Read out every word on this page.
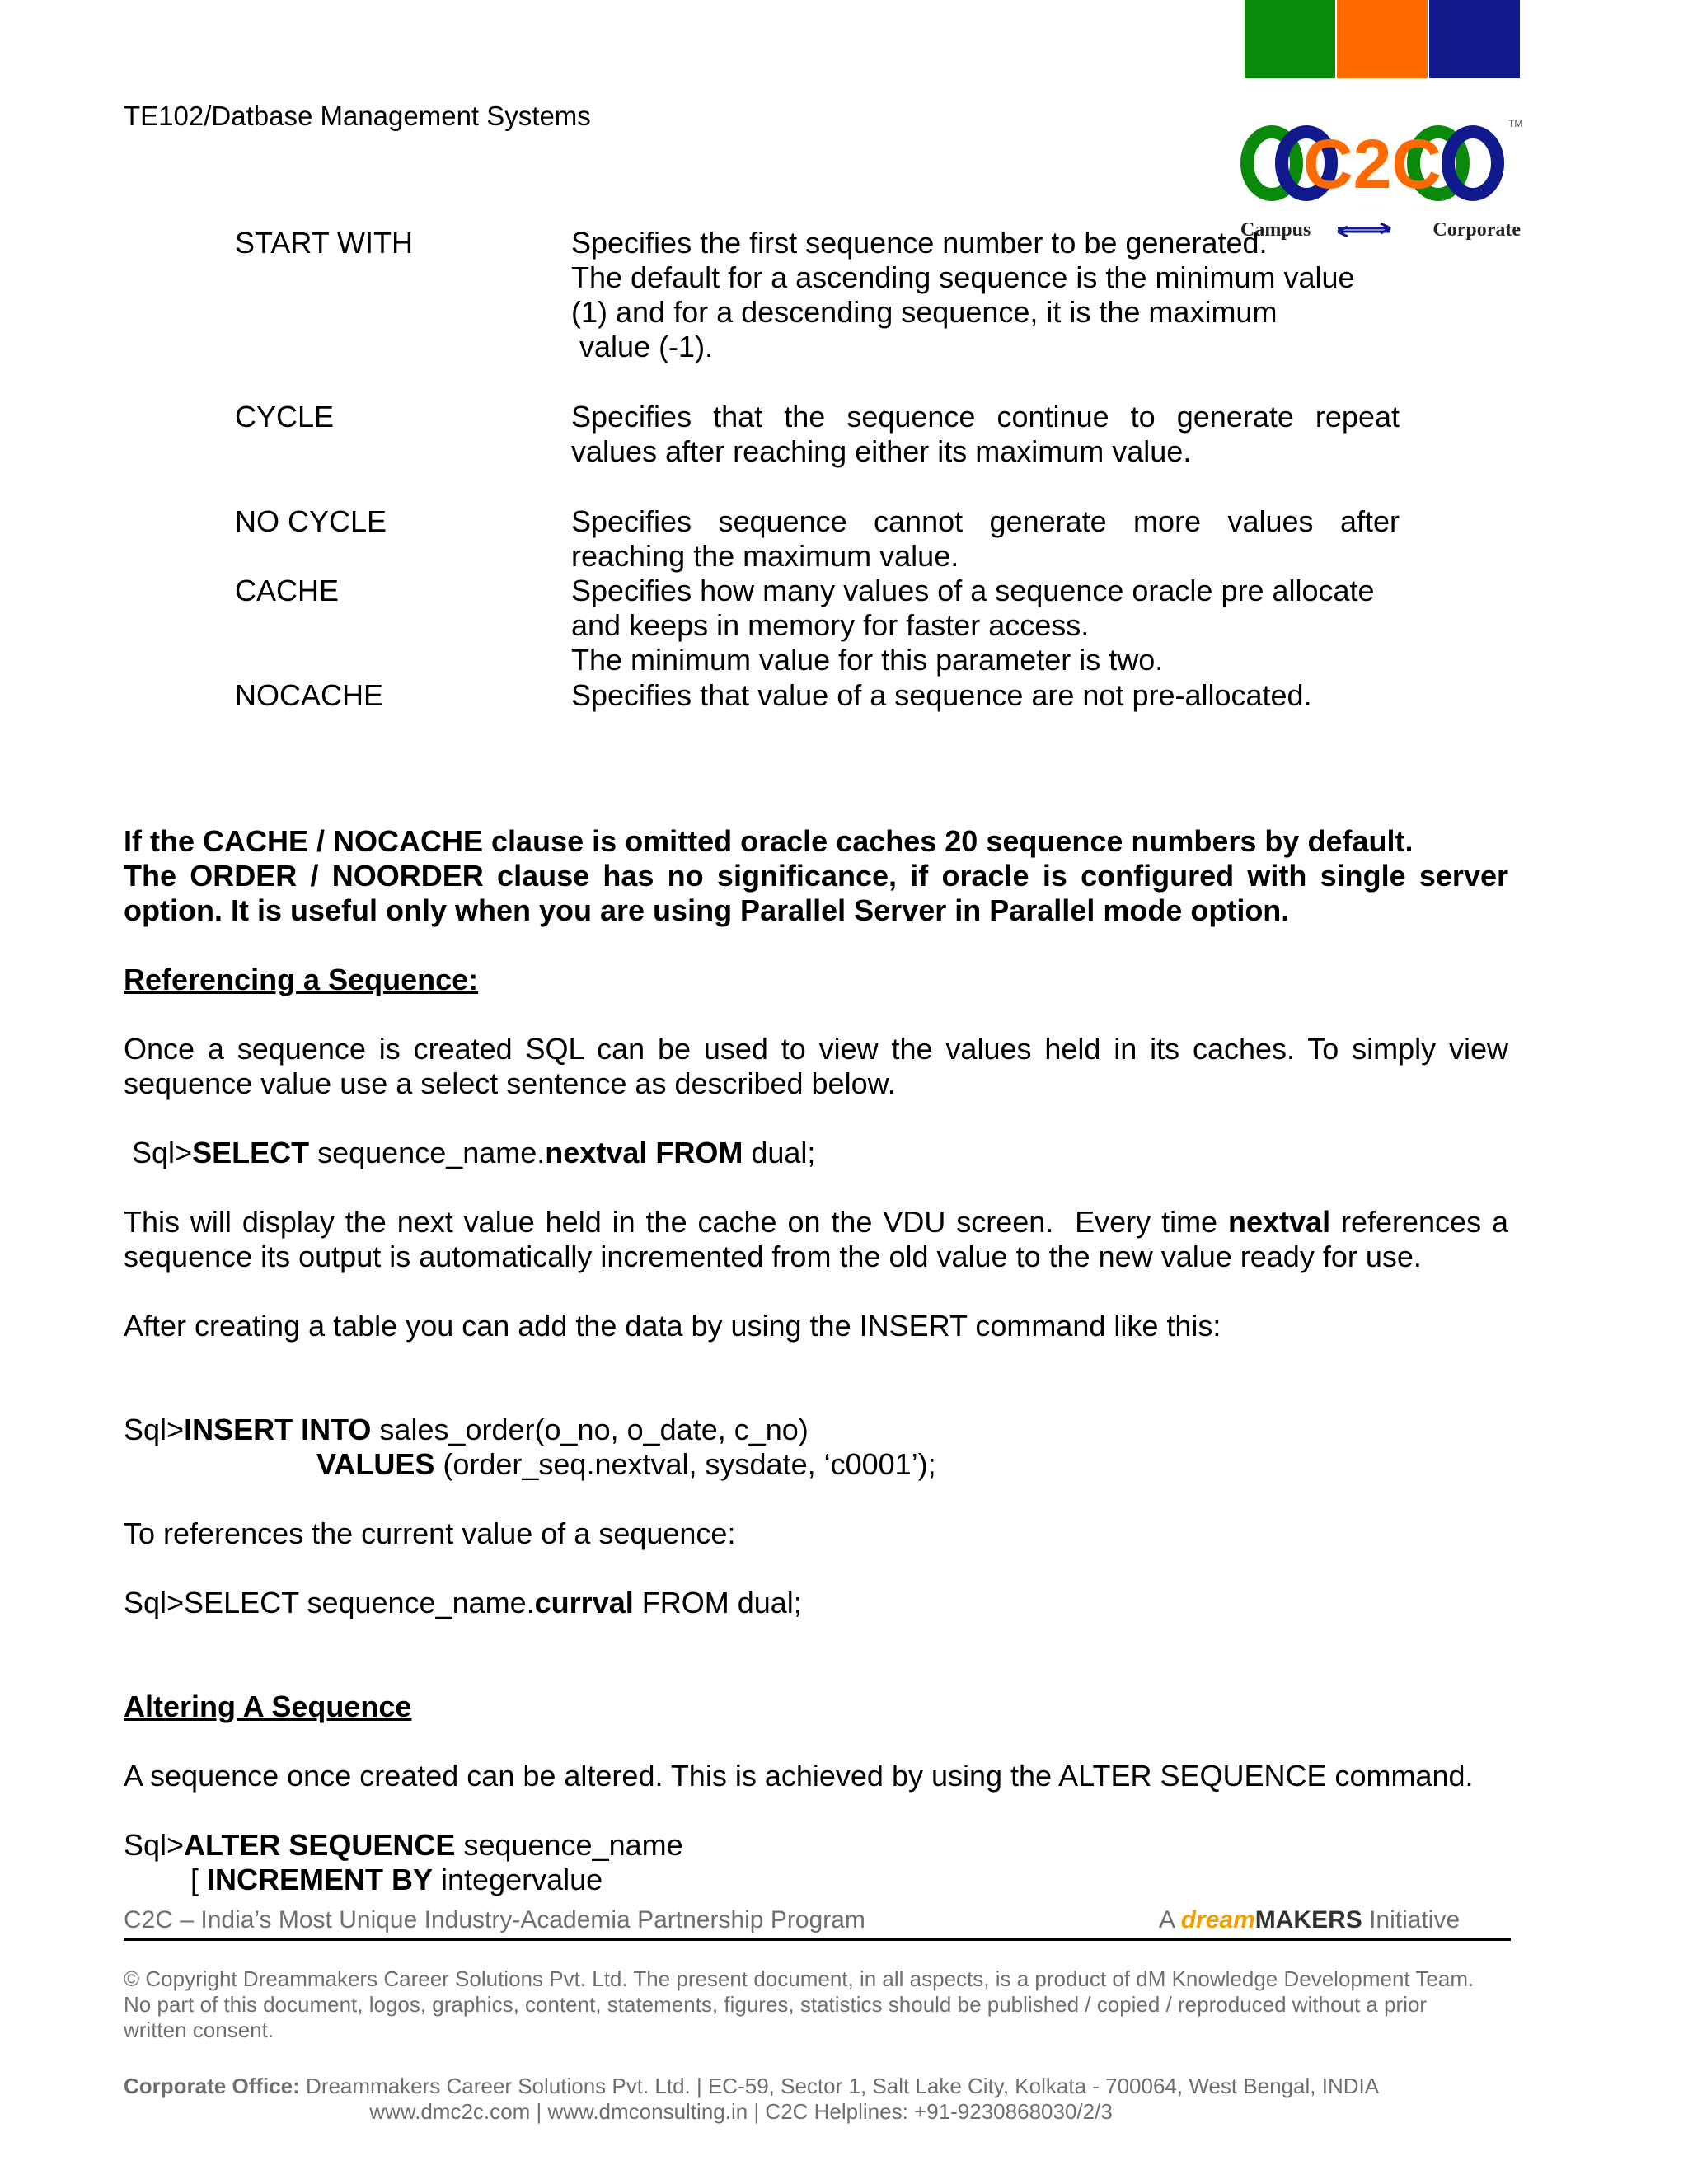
TE102/Datbase Management Systems
C2C
TM
Campus	Corporate
START WITH	Specifies the first sequence number to be generated.
The default for a ascending sequence is the minimum value
(1) and for a descending sequence, it is the maximum
value (-1).
CYCLE	Specifies that the sequence continue to generate repeat
values after reaching either its maximum value.
NO CYCLE	Specifies sequence cannot generate more values after
reaching the maximum value.
CACHE	Specifies how many values of a sequence oracle pre allocate
and keeps in memory for faster access.
The minimum value for this parameter is two.
NOCACHE	Specifies that value of a sequence are not pre-allocated.
If the CACHE / NOCACHE clause is omitted oracle caches 20 sequence numbers by default.
The ORDER / NOORDER clause has no significance, if oracle is configured with single server option. It is useful only when you are using Parallel Server in Parallel mode option.
Referencing a Sequence:
Once a sequence is created SQL can be used to view the values held in its caches. To simply view sequence value use a select sentence as described below.
Sql>SELECT sequence_name.nextval FROM dual;
This will display the next value held in the cache on the VDU screen.  Every time nextval references a sequence its output is automatically incremented from the old value to the new value ready for use.
After creating a table you can add the data by using the INSERT command like this:
Sql>INSERT INTO sales_order(o_no, o_date, c_no)
VALUES (order_seq.nextval, sysdate, ‘c0001’);
To references the current value of a sequence:
Sql>SELECT sequence_name.currval FROM dual;
Altering A Sequence
A sequence once created can be altered. This is achieved by using the ALTER SEQUENCE command.
Sql>ALTER SEQUENCE sequence_name
[ INCREMENT BY integervalue
C2C – India’s Most Unique Industry-Academia Partnership Program	A dreamMAKERS Initiative
© Copyright Dreammakers Career Solutions Pvt. Ltd. The present document, in all aspects, is a product of dM Knowledge Development Team. No part of this document, logos, graphics, content, statements, figures, statistics should be published / copied / reproduced without a prior written consent.
Corporate Office: Dreammakers Career Solutions Pvt. Ltd. | EC-59, Sector 1, Salt Lake City, Kolkata - 700064, West Bengal, INDIA
www.dmc2c.com | www.dmconsulting.in | C2C Helplines: +91-9230868030/2/3
